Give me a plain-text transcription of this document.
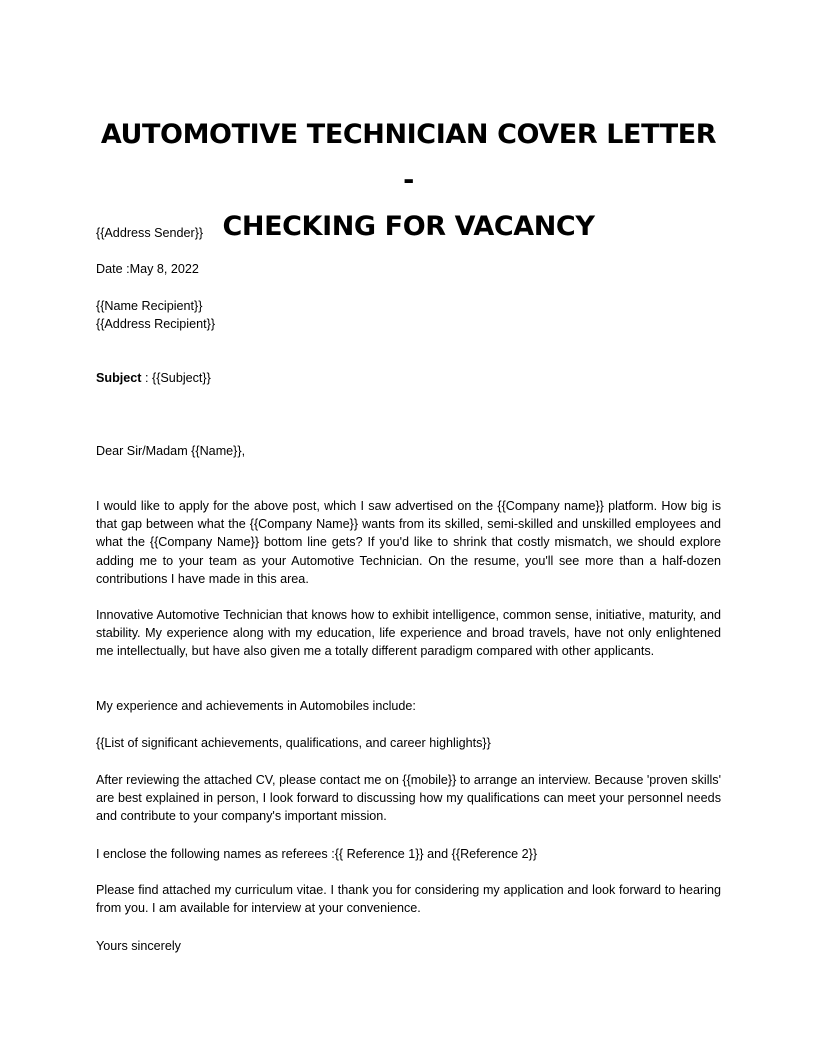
AUTOMOTIVE TECHNICIAN COVER LETTER -
CHECKING FOR VACANCY

{{Address Sender}}

Date :May 8, 2022

{{Name Recipient}}

{{Address Recipient}}

Subject : {{Subject}}

Dear Sir/Madam {{Name}},

I would like to apply for the above post, which I saw advertised on the {{Company name}} platform. How big is that gap between what the {{Company Name}} wants from its skilled, semi-skilled and unskilled employees and what the {{Company Name}} bottom line gets? If you'd like to shrink that costly mismatch, we should explore adding me to your team as your Automotive Technician. On the resume, you'll see more than a half-dozen contributions I have made in this area.

Innovative Automotive Technician that knows how to exhibit intelligence, common sense, initiative, maturity, and stability. My experience along with my education, life experience and broad travels, have not only enlightened me intellectually, but have also given me a totally different paradigm compared with other applicants.

My experience and achievements in Automobiles include:

{{List of significant achievements, qualifications, and career highlights}}

After reviewing the attached CV, please contact me on {{mobile}} to arrange an interview. Because 'proven skills' are best explained in person, I look forward to discussing how my qualifications can meet your personnel needs and contribute to your company's important mission.

I enclose the following names as referees :{{ Reference 1}} and {{Reference 2}}

Please find attached my curriculum vitae. I thank you for considering my application and look forward to hearing from you. I am available for interview at your convenience.

Yours sincerely
